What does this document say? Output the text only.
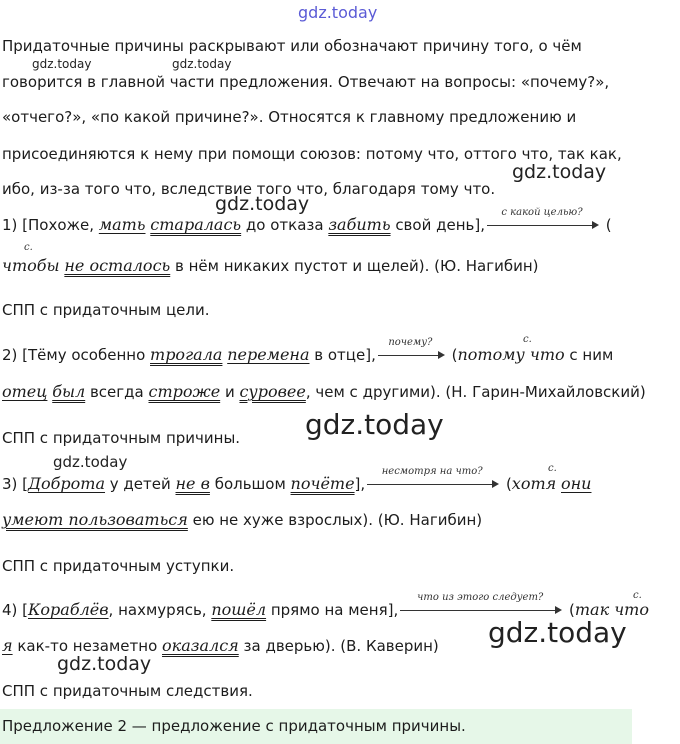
gdz.today
gdz.today	gdz.today
gdz.today
gdz.today
gdz.today
gdz.today
gdz.today
gdz.today
Придаточные причины раскрывают или обозначают причину того, о чём
говорится в главной части предложения. Отвечают на вопросы: «почему?»,
«отчего?», «по какой причине?». Относятся к главному предложению и
присоединяются к нему при помощи союзов: потому что, оттого что, так как,
ибо, из-за того что, вследствие того что, благодаря тому что.
1) [Похоже, мать старалась до отказа забить свой день],
с какой целью?
(
с.
чтобы не осталось в нём никаких пустот и щелей). (Ю. Нагибин)
СПП с придаточным цели.
2) [Тёму особенно трогала перемена в отце],
почему?
(потому что с ним
с.
отец был всегда строже и суровее, чем с другими). (Н. Гарин-Михайловский)
СПП с придаточным причины.
3) [Доброта у детей не в большом почёте],
несмотря на что?
(хотя они
с.
умеют пользоваться ею не хуже взрослых). (Ю. Нагибин)
СПП с придаточным уступки.
4) [Кораблёв, нахмурясь, пошёл прямо на меня],
что из этого следует?
(так что
с.
я как-то незаметно оказался за дверью). (В. Каверин)
СПП с придаточным следствия.
Предложение 2 — предложение с придаточным причины.
